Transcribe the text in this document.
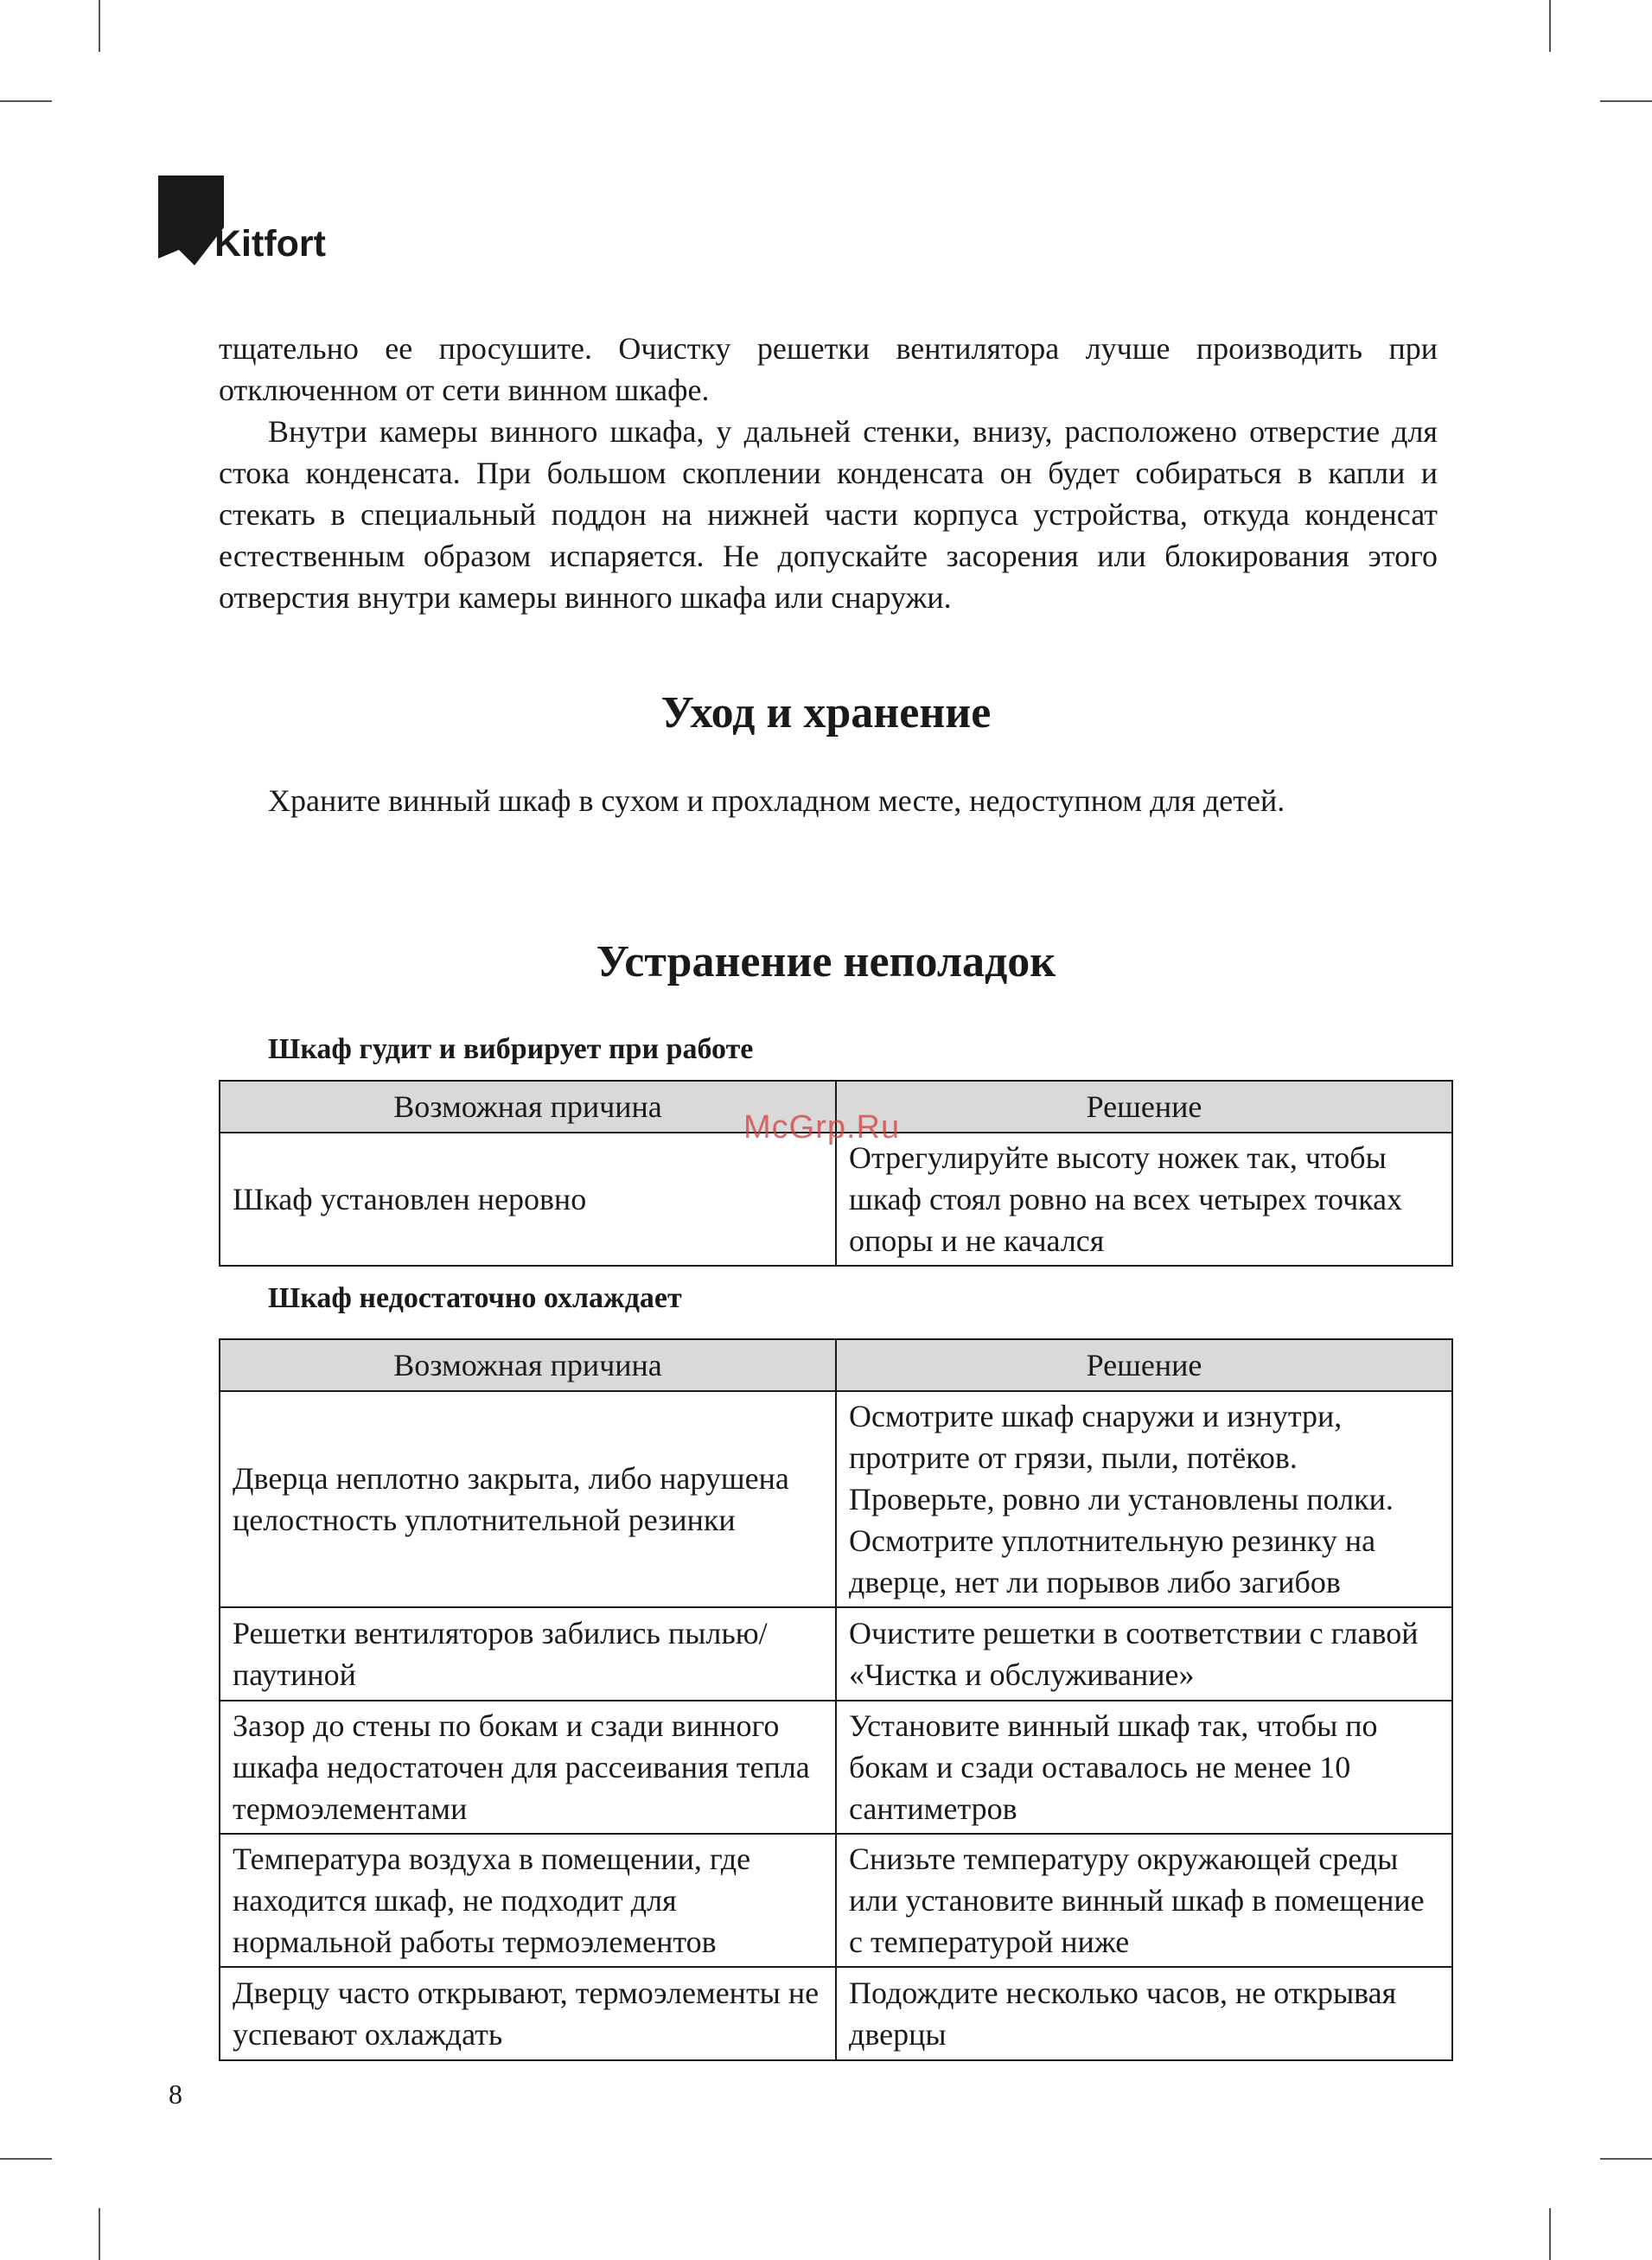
Kitfort

тщательно ее просушите. Очистку решетки вентилятора лучше производить при отключенном от сети винном шкафе.

Внутри камеры винного шкафа, у дальней стенки, внизу, расположено отверстие для стока конденсата. При большом скоплении конденсата он будет собираться в капли и стекать в специальный поддон на нижней части корпуса устройства, откуда конденсат естественным образом испаряется. Не допускайте засорения или блокирования этого отверстия внутри камеры винного шкафа или снаружи.

Уход и хранение
Храните винный шкаф в сухом и прохладном месте, недоступном для детей.
Устранение неполадок
Шкаф гудит и вибрирует при работе
Возможная причина	Решение
Шкаф установлен неровно	Отрегулируйте высоту ножек так, чтобы шкаф стоял ровно на всех четырех точках опоры и не качался
McGrp.Ru
Шкаф недостаточно охлаждает
Возможная причина	Решение
Дверца неплотно закрыта, либо нарушена целостность уплотнительной резинки	Осмотрите шкаф снаружи и изнутри, протрите от грязи, пыли, потёков. Проверьте, ровно ли установлены полки. Осмотрите уплотнительную резинку на дверце, нет ли порывов либо загибов
Решетки вентиляторов забились пылью/паутиной	Очистите решетки в соответствии с главой «Чистка и обслуживание»
Зазор до стены по бокам и сзади винного шкафа недостаточен для рассеивания тепла термоэлементами	Установите винный шкаф так, чтобы по бокам и сзади оставалось не менее 10 сантиметров
Температура воздуха в помещении, где находится шкаф, не подходит для нормальной работы термоэлементов	Снизьте температуру окружающей среды или установите винный шкаф в помещение с температурой ниже
Дверцу часто открывают, термоэлементы не успевают охлаждать	Подождите несколько часов, не открывая дверцы
8
